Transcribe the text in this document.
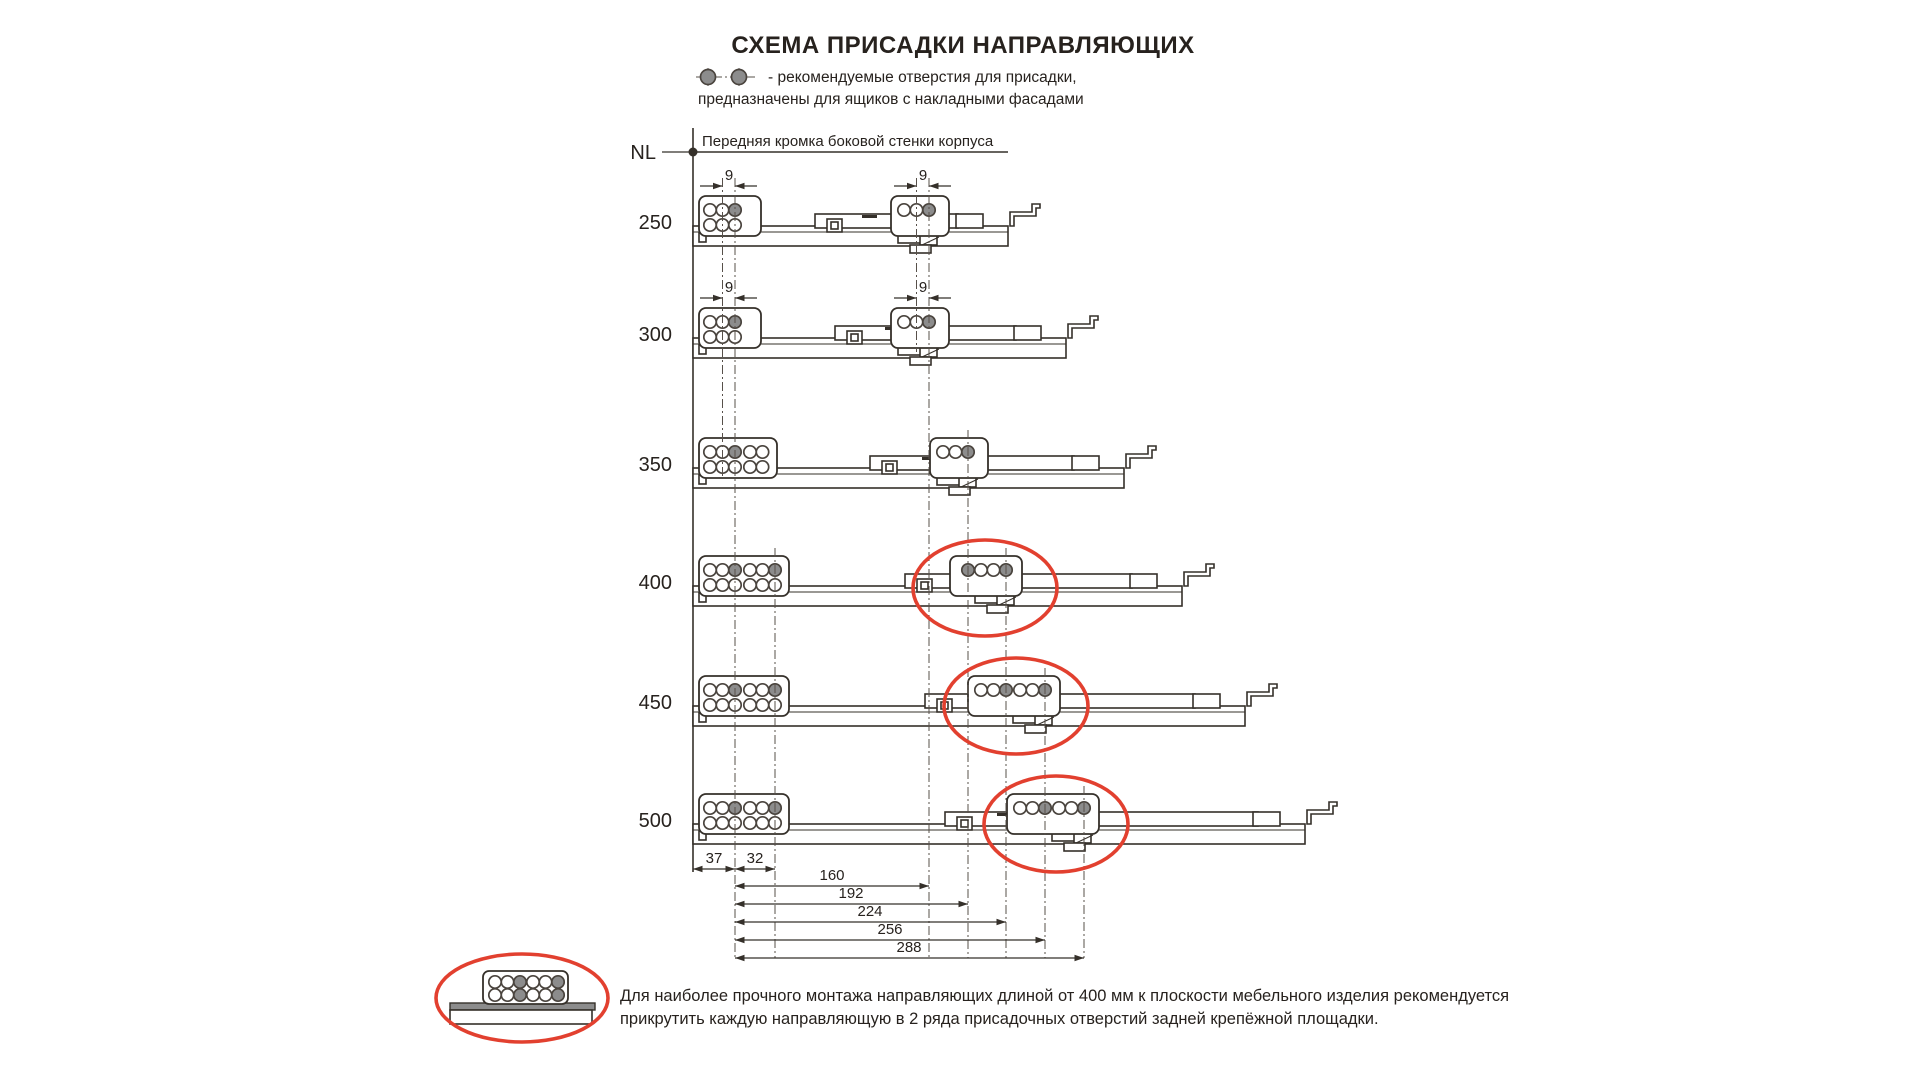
СХЕМА ПРИСАДКИ НАПРАВЛЯЮЩИХ
- рекомендуемые отверстия для присадки,
предназначены для ящиков с накладными фасадами
NL
Передняя кромка боковой стенки корпуса
250
9	9
300
9	9
350
400
450
500
37 32
160
192
224
256
288
Для наиболее прочного монтажа направляющих длиной от 400 мм к плоскости мебельного изделия рекомендуется
прикрутить каждую направляющую в 2 ряда присадочных отверстий задней крепёжной площадки.
